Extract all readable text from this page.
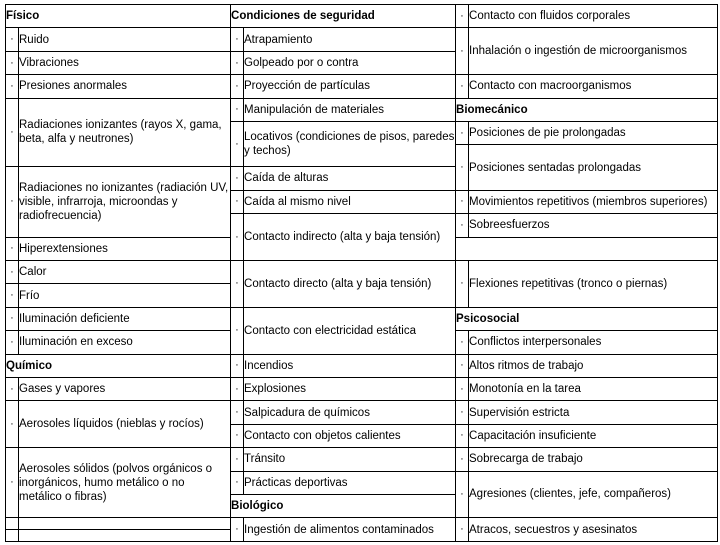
Físico		Condiciones de seguridad		·	Contacto con fluidos corporales
·	Ruido	·	Atrapamiento	·	Inhalación o ingestión de microorganismos
·	Vibraciones	·	Golpeado por o contra		
·	Presiones anormales	·	Proyección de partículas	·	Contacto con macroorganismos
·	Radiaciones ionizantes (rayos X, gama, beta, alfa y neutrones)	·	Manipulación de materiales	Biomecánico	
		·	Locativos (condiciones de pisos, paredes y techos)	·	Posiciones de pie prolongadas
				·	Posiciones sentadas prolongadas
·	Radiaciones no ionizantes (radiación UV, visible, infrarroja, microondas y radiofrecuencia)	·	Caída de alturas		
		·	Caída al mismo nivel	·	Movimientos repetitivos (miembros superiores)

		·	Contacto indirecto (alta y baja tensión)	·	Sobreesfuerzos
·	Hiperextensiones				
·	Calor	·	Contacto directo (alta y baja tensión)	·	Flexiones repetitivas (tronco o piernas)
·	Frío				
·	Iluminación deficiente	·	Contacto con electricidad estática	Psicosocial	
·	Iluminación en exceso			·	Conflictos interpersonales
Químico		·	Incendios	·	Altos ritmos de trabajo
·	Gases y vapores	·	Explosiones	·	Monotonía en la tarea
·	Aerosoles líquidos (nieblas y rocíos)	·	Salpicadura de químicos	·	Supervisión estricta
		·	Contacto con objetos calientes	·	Capacitación insuficiente
·	Aerosoles sólidos (polvos orgánicos o inorgánicos, humo metálico o no metálico o fibras)	·	Tránsito	·	Sobrecarga de trabajo
		·	Prácticas deportivas	·	Agresiones (clientes, jefe, compañeros)
		Biológico			
		·	Ingestión de alimentos contaminados	·	Atracos, secuestros y asesinatos
